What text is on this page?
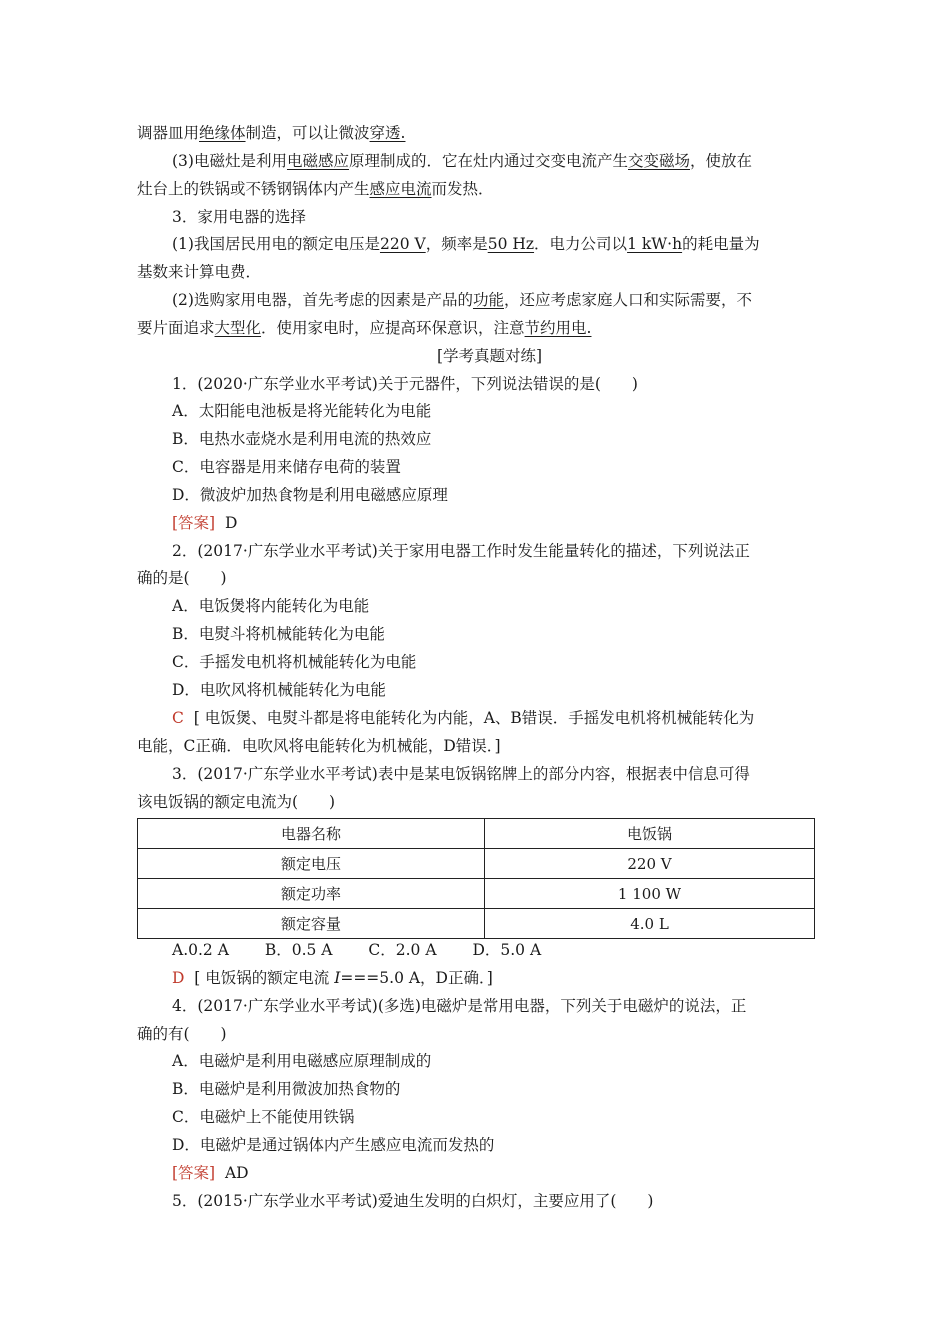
调器皿用绝缘体制造，可以让微波穿透.
(3)电磁灶是利用电磁感应原理制成的．它在灶内通过交变电流产生交变磁场，使放在
灶台上的铁锅或不锈钢锅体内产生感应电流而发热．
3．家用电器的选择
(1)我国居民用电的额定电压是220 V，频率是50 Hz．电力公司以1 kW·h的耗电量为
基数来计算电费．
(2)选购家用电器，首先考虑的因素是产品的功能，还应考虑家庭人口和实际需要，不
要片面追求大型化．使用家电时，应提高环保意识，注意节约用电.
[学考真题对练]
1．(2020·广东学业水平考试)关于元器件，下列说法错误的是(　　)
A．太阳能电池板是将光能转化为电能
B．电热水壶烧水是利用电流的热效应
C．电容器是用来储存电荷的装置
D．微波炉加热食物是利用电磁感应原理
[答案] D
2．(2017·广东学业水平考试)关于家用电器工作时发生能量转化的描述，下列说法正
确的是(　　)
A．电饭煲将内能转化为电能
B．电熨斗将机械能转化为电能
C．手摇发电机将机械能转化为电能
D．电吹风将机械能转化为电能
C [ 电饭煲、电熨斗都是将电能转化为内能，A、B错误．手摇发电机将机械能转化为
电能，C正确．电吹风将电能转化为机械能，D错误．]
3．(2017·广东学业水平考试)表中是某电饭锅铭牌上的部分内容，根据表中信息可得
该电饭锅的额定电流为(　　)
电器名称	电饭锅
额定电压	220 V
额定功率	1 100 W
额定容量	4.0 L
A.0.2 A　　 B．0.5 A　　 C．2.0 A　　 D．5.0 A
D [ 电饭锅的额定电流 I===5.0 A，D正确．]
4．(2017·广东学业水平考试)(多选)电磁炉是常用电器，下列关于电磁炉的说法，正
确的有(　　)
A．电磁炉是利用电磁感应原理制成的
B．电磁炉是利用微波加热食物的
C．电磁炉上不能使用铁锅
D．电磁炉是通过锅体内产生感应电流而发热的
[答案] AD
5．(2015·广东学业水平考试)爱迪生发明的白炽灯，主要应用了(　　)
